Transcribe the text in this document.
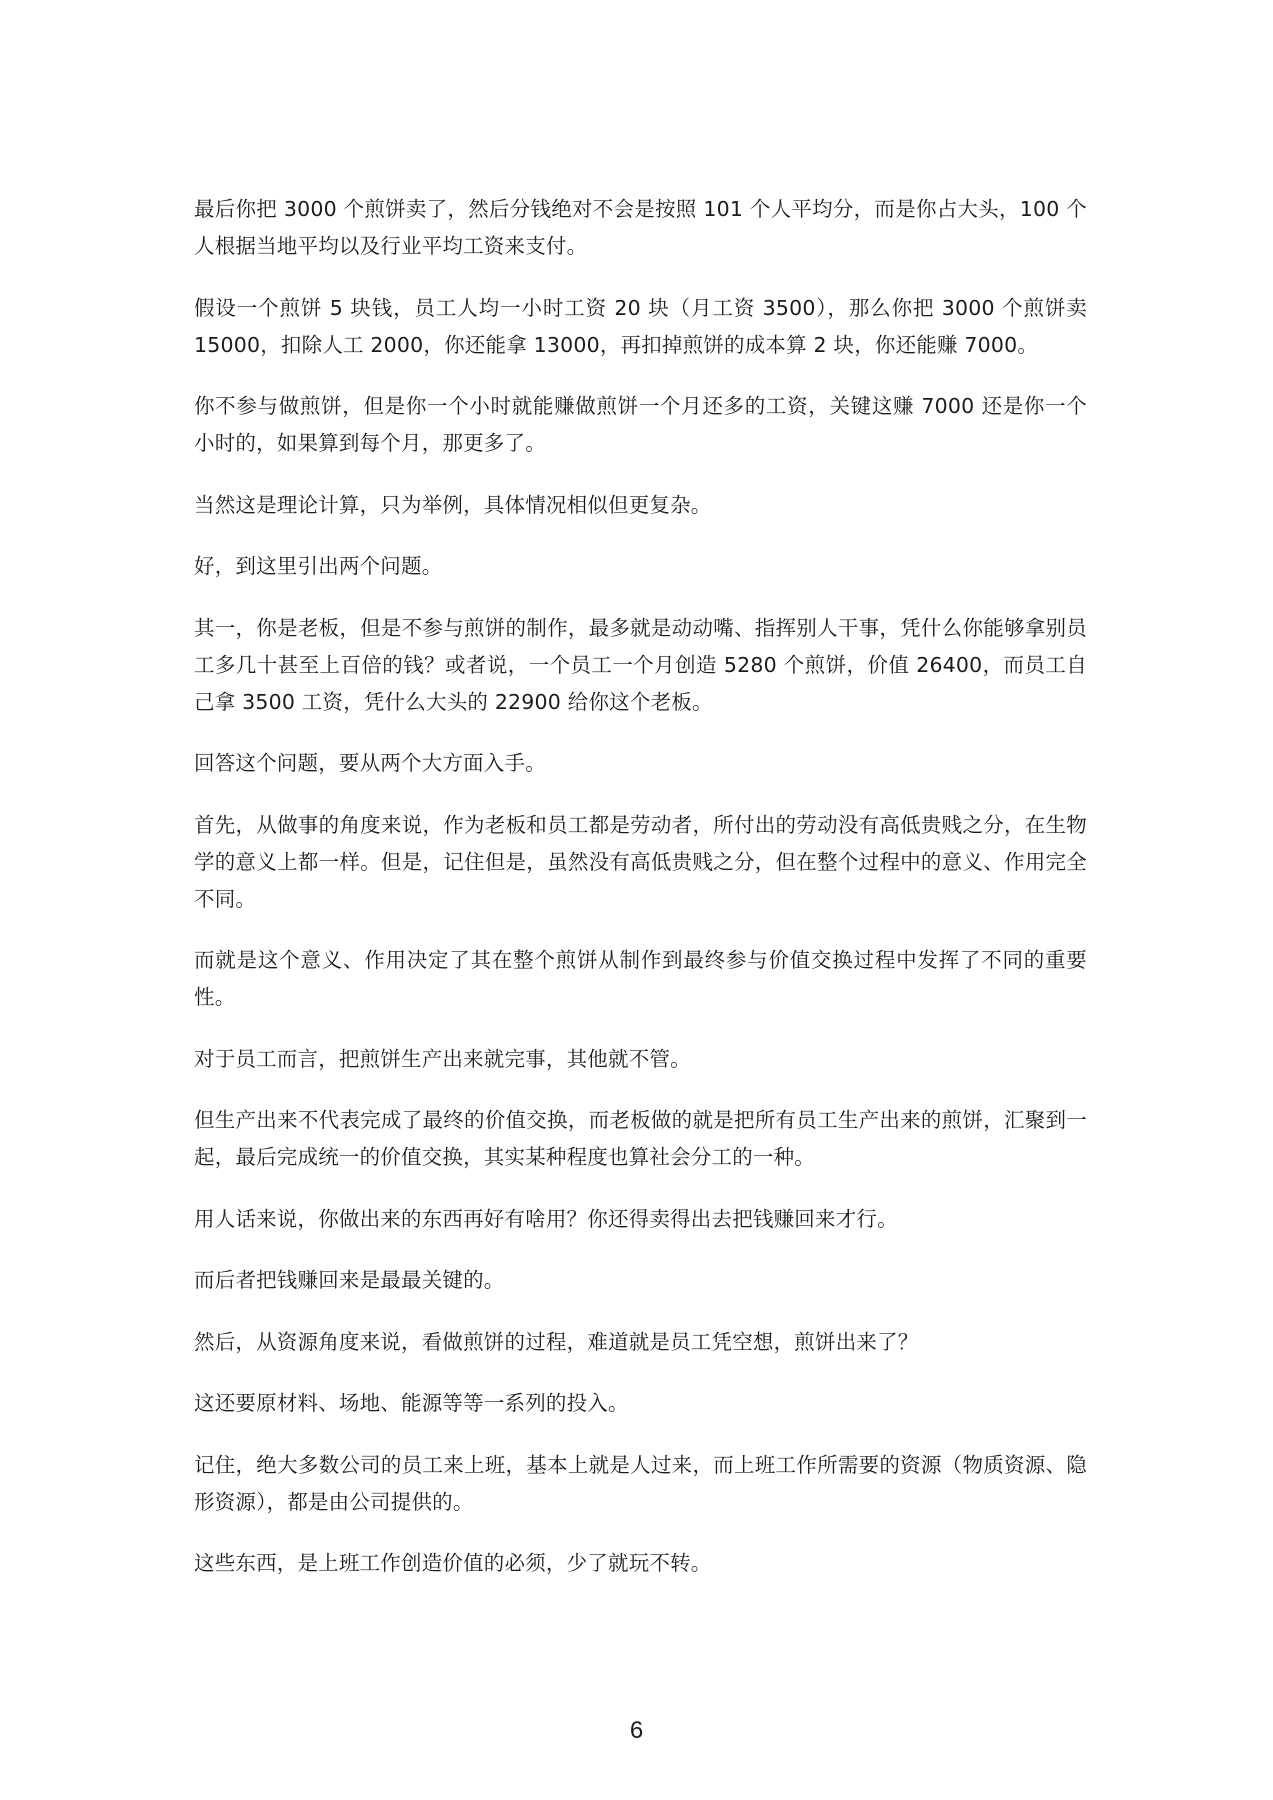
最后你把 3000 个煎饼卖了，然后分钱绝对不会是按照 101 个人平均分，而是你占大头，100 个人根据当地平均以及行业平均工资来支付。

假设一个煎饼 5 块钱，员工人均一小时工资 20 块（月工资 3500），那么你把 3000 个煎饼卖 15000，扣除人工 2000，你还能拿 13000，再扣掉煎饼的成本算 2 块，你还能赚 7000。

你不参与做煎饼，但是你一个小时就能赚做煎饼一个月还多的工资，关键这赚 7000 还是你一个小时的，如果算到每个月，那更多了。

当然这是理论计算，只为举例，具体情况相似但更复杂。

好，到这里引出两个问题。

其一，你是老板，但是不参与煎饼的制作，最多就是动动嘴、指挥别人干事，凭什么你能够拿别员工多几十甚至上百倍的钱？或者说，一个员工一个月创造 5280 个煎饼，价值 26400，而员工自己拿 3500 工资，凭什么大头的 22900 给你这个老板。

回答这个问题，要从两个大方面入手。

首先，从做事的角度来说，作为老板和员工都是劳动者，所付出的劳动没有高低贵贱之分，在生物学的意义上都一样。但是，记住但是，虽然没有高低贵贱之分，但在整个过程中的意义、作用完全不同。

而就是这个意义、作用决定了其在整个煎饼从制作到最终参与价值交换过程中发挥了不同的重要性。

对于员工而言，把煎饼生产出来就完事，其他就不管。

但生产出来不代表完成了最终的价值交换，而老板做的就是把所有员工生产出来的煎饼，汇聚到一起，最后完成统一的价值交换，其实某种程度也算社会分工的一种。

用人话来说，你做出来的东西再好有啥用？你还得卖得出去把钱赚回来才行。

而后者把钱赚回来是最最关键的。

然后，从资源角度来说，看做煎饼的过程，难道就是员工凭空想，煎饼出来了？

这还要原材料、场地、能源等等一系列的投入。

记住，绝大多数公司的员工来上班，基本上就是人过来，而上班工作所需要的资源（物质资源、隐形资源），都是由公司提供的。

这些东西，是上班工作创造价值的必须，少了就玩不转。

6
